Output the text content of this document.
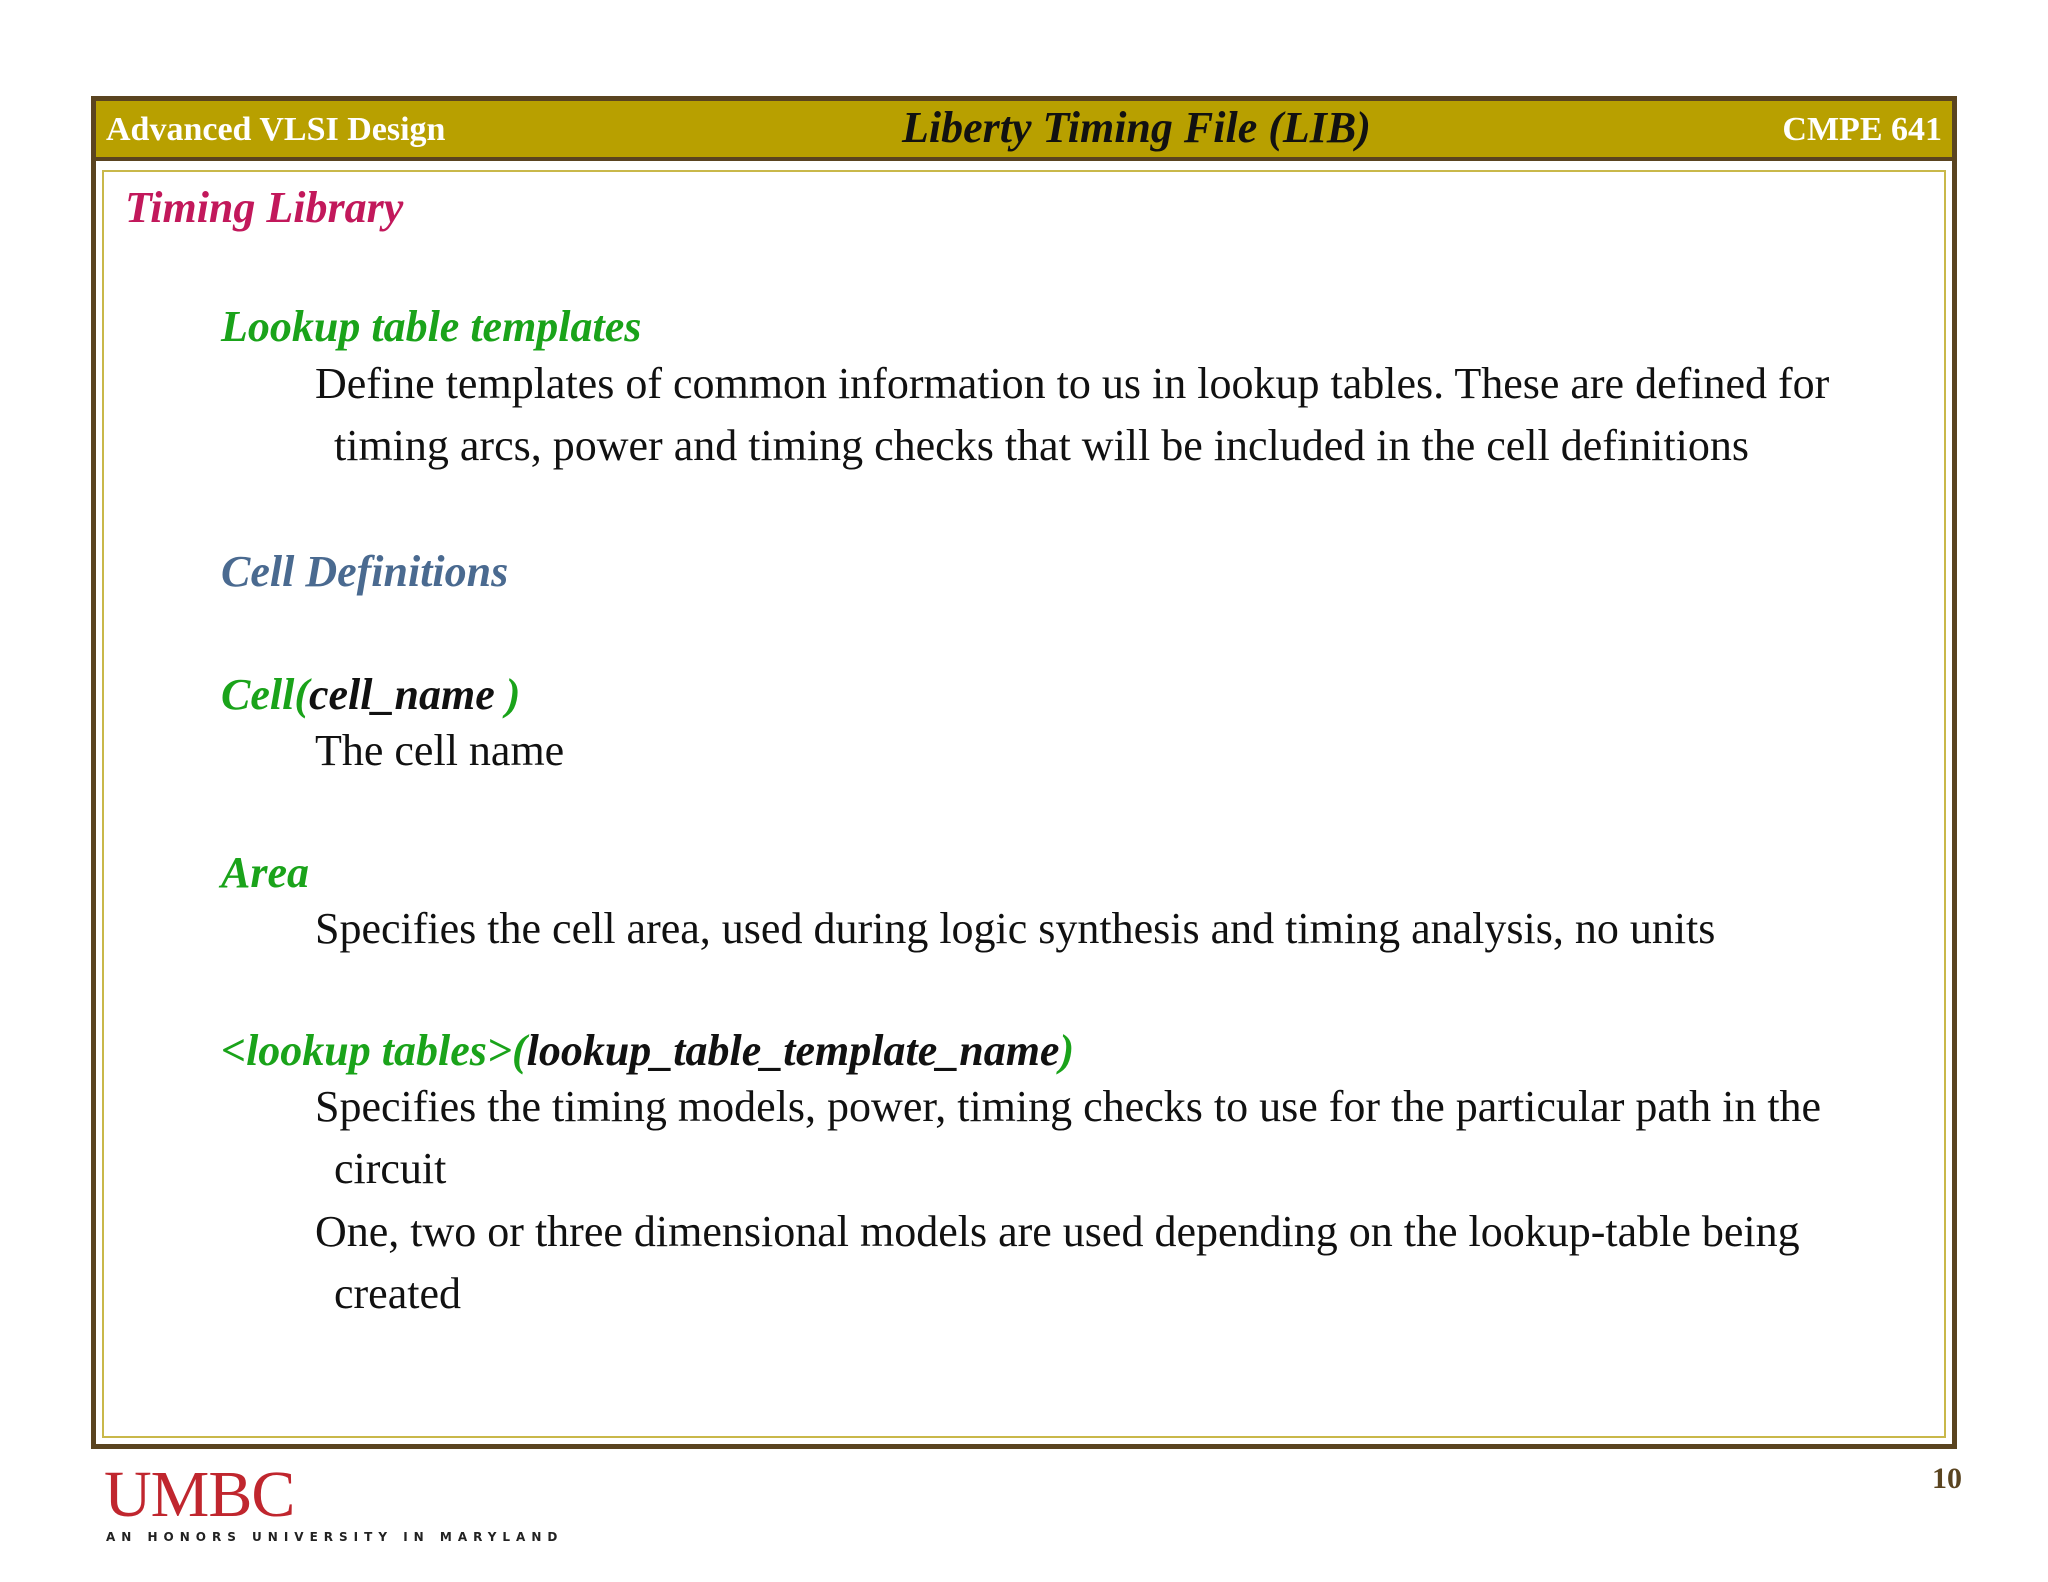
Advanced VLSI Design	Liberty Timing File (LIB)	CMPE 641
Timing Library
Lookup table templates
Define templates of common information to us in lookup tables. These are defined for
timing arcs, power and timing checks that will be included in the cell definitions
Cell Definitions
Cell(cell_name )
The cell name
Area
Specifies the cell area, used during logic synthesis and timing analysis, no units
<lookup tables>(lookup_table_template_name)
Specifies the timing models, power, timing checks to use for the particular path in the
circuit
One, two or three dimensional models are used depending on the lookup-table being
created
UMBC
AN HONORS UNIVERSITY IN MARYLAND
10
